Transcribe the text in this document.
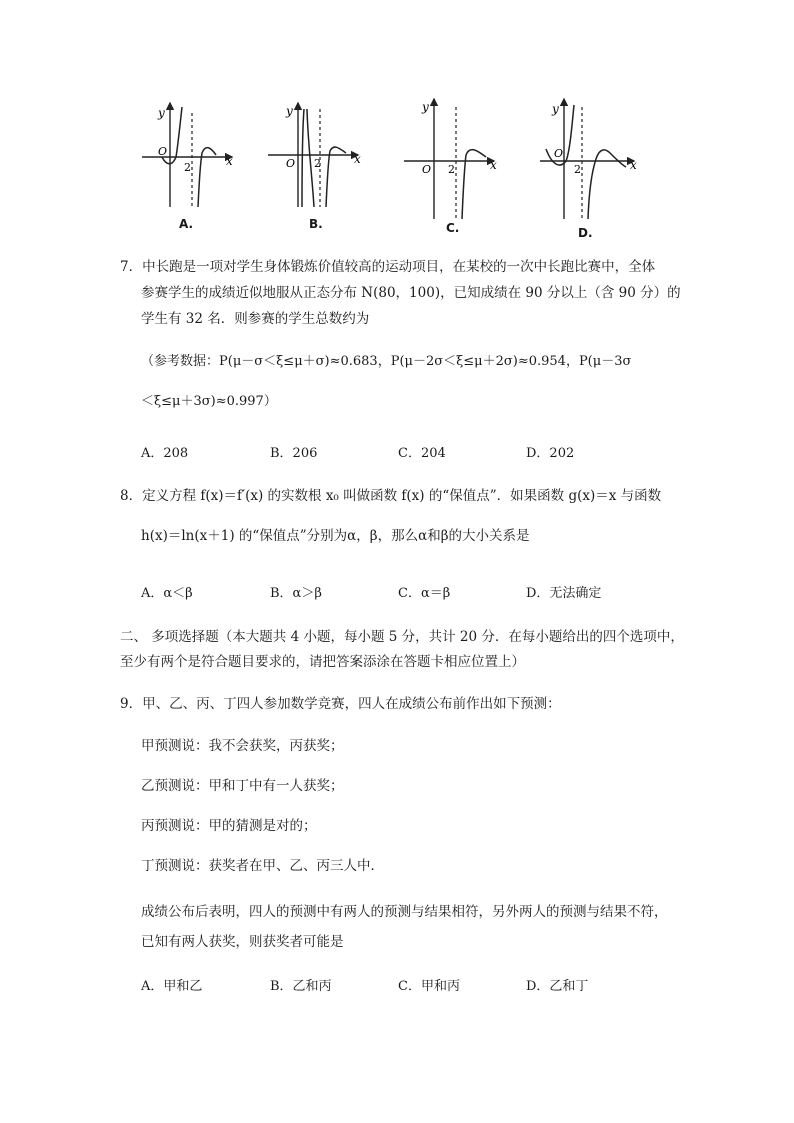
y
O
2	x
y
O 2	x
y
O 2	x
y
O
2	x
A.	B.	C.	D.
7．中长跑是一项对学生身体锻炼价值较高的运动项目，在某校的一次中长跑比赛中，全体
参赛学生的成绩近似地服从正态分布 N(80，100)，已知成绩在 90 分以上（含 90 分）的
学生有 32 名．则参赛的学生总数约为
（参考数据：P(μ－σ＜ξ≤μ＋σ)≈0.683，P(μ－2σ＜ξ≤μ＋2σ)≈0.954，P(μ－3σ
＜ξ≤μ＋3σ)≈0.997）
A．208	B．206	C．204	D．202
8．定义方程 f(x)＝f′(x) 的实数根 x₀ 叫做函数 f(x) 的“保值点”．如果函数 g(x)＝x 与函数
h(x)＝ln(x＋1) 的“保值点”分别为α，β，那么α和β的大小关系是
A．α＜β	B．α＞β	C．α＝β	D．无法确定
二、 多项选择题（本大题共 4 小题，每小题 5 分，共计 20 分．在每小题给出的四个选项中，
至少有两个是符合题目要求的，请把答案添涂在答题卡相应位置上）
9．甲、乙、丙、丁四人参加数学竞赛，四人在成绩公布前作出如下预测：
甲预测说：我不会获奖，丙获奖；
乙预测说：甲和丁中有一人获奖；
丙预测说：甲的猜测是对的；
丁预测说：获奖者在甲、乙、丙三人中．
成绩公布后表明，四人的预测中有两人的预测与结果相符，另外两人的预测与结果不符，
已知有两人获奖，则获奖者可能是
A．甲和乙	B．乙和丙	C．甲和丙	D．乙和丁
